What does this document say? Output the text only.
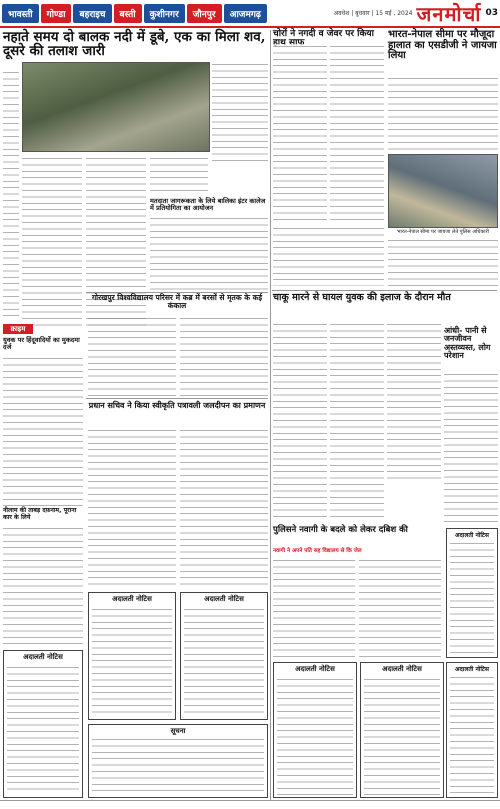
भावस्ती	गोण्डा	बहराइच	बस्ती	कुशीनगर	जौनपुर	आजमगढ़	अवधेश | बुधवार | 15 मई , 2024 जनमोर्चा 03
नहाते समय दो बालक नदी में डूबे, एक का मिला शव, दूसरे की तलाश जारी
मतदाता जागरूकता के लिये बालिका इंटर कालेज में प्रतियोगिता का आयोजन
गोरखपुर विश्वविद्यालय परिसर में कब्र में बरसों से मृतक के कई कंकाल
प्रधान सचिव ने किया स्वीकृति पत्रावली जलदीपन का प्रमाणन
क्राइम
युवक पर हिंदूवादियों का मुकदमा दर्ज
नीलाम की ताबड़ दफ़नाम, पूराना कार के लिये
अदालती नोटिस
अदालती नोटिस	अदालती नोटिस
सूचना
चोरों ने नगदी व जेवर पर किया
चाकू मारने से घायल युवक की इलाज के दौरान मौत
पुलिसने नवागी के बदले को लेकर दबिश की
नवागी ने अपने पति सह विद्यालय से कि जेल
अदालती नोटिस	अदालती नोटिस
भारत-नेपाल सीमा पर मौजूदा हालात का एसडीजी ने जायजा लिया
भारत-नेपाल सीमा पर जायजा लेते पुलिस अधिकारी
आंधी- पानी से जनजीवन अस्तव्यस्त, लोग परेशान
अदालती नोटिस
अदालती नोटिस
